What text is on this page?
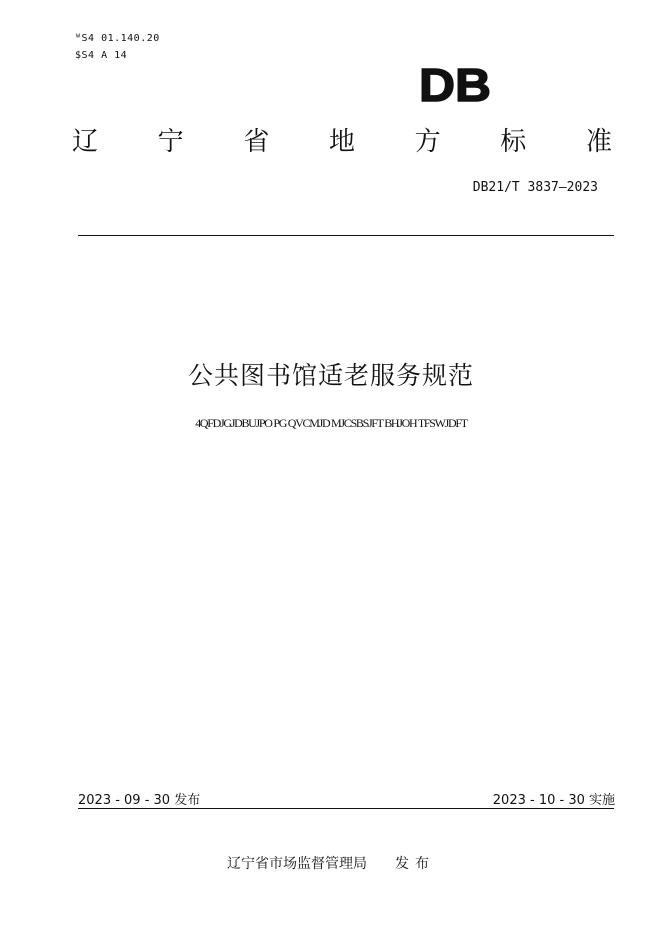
ᵂS4 01.140.20
$S4 A 14
DB
辽 宁 省 地 方 标 准
DB21/T 3837—2023
公共图书馆适老服务规范
4QFDJGJDBUJPO PG QVCMJD MJCSBSJFT BHJOH TFSWJDFT
2023 - 09 - 30 发布	2023 - 10 - 30 实施
辽宁省市场监督管理局 发布
